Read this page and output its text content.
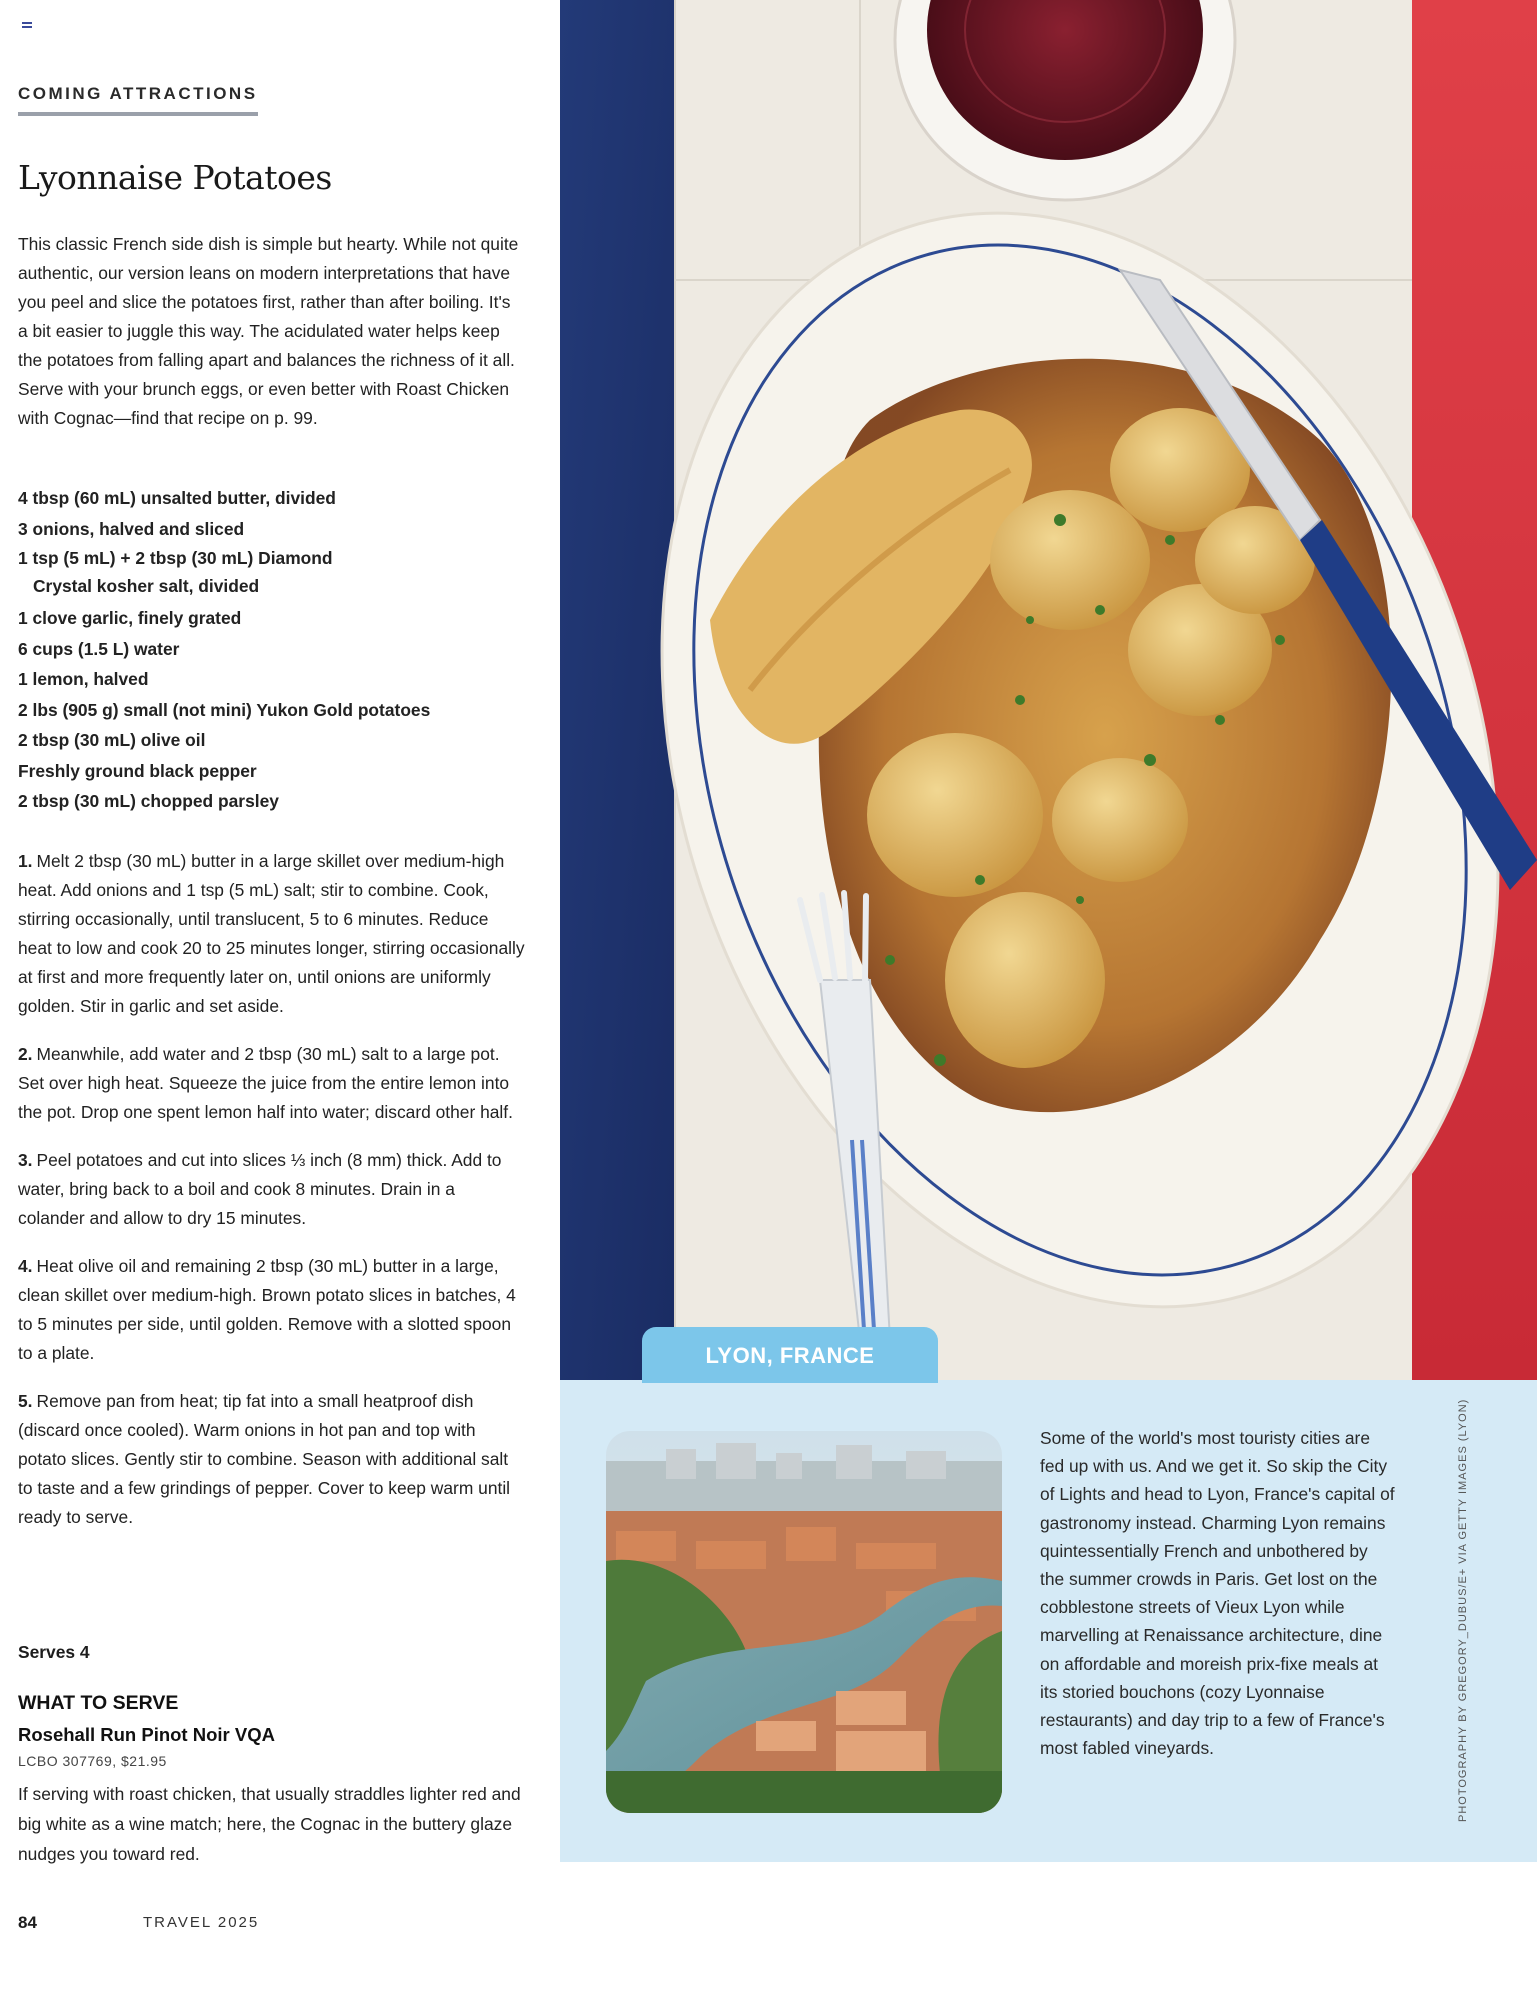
COMING ATTRACTIONS
Lyonnaise Potatoes

This classic French side dish is simple but hearty. While not quite authentic, our version leans on modern interpretations that have you peel and slice the potatoes first, rather than after boiling. It's a bit easier to juggle this way. The acidulated water helps keep the potatoes from falling apart and balances the richness of it all. Serve with your brunch eggs, or even better with Roast Chicken with Cognac—find that recipe on p. 99.

4 tbsp (60 mL) unsalted butter, divided
3 onions, halved and sliced
1 tsp (5 mL) + 2 tbsp (30 mL) Diamond Crystal kosher salt, divided
1 clove garlic, finely grated
6 cups (1.5 L) water
1 lemon, halved
2 lbs (905 g) small (not mini) Yukon Gold potatoes
2 tbsp (30 mL) olive oil
Freshly ground black pepper
2 tbsp (30 mL) chopped parsley

1. Melt 2 tbsp (30 mL) butter in a large skillet over medium-high heat. Add onions and 1 tsp (5 mL) salt; stir to combine. Cook, stirring occasionally, until translucent, 5 to 6 minutes. Reduce heat to low and cook 20 to 25 minutes longer, stirring occasionally at first and more frequently later on, until onions are uniformly golden. Stir in garlic and set aside.

2. Meanwhile, add water and 2 tbsp (30 mL) salt to a large pot. Set over high heat. Squeeze the juice from the entire lemon into the pot. Drop one spent lemon half into water; discard other half.

3. Peel potatoes and cut into slices ⅓ inch (8 mm) thick. Add to water, bring back to a boil and cook 8 minutes. Drain in a colander and allow to dry 15 minutes.

4. Heat olive oil and remaining 2 tbsp (30 mL) butter in a large, clean skillet over medium-high. Brown potato slices in batches, 4 to 5 minutes per side, until golden. Remove with a slotted spoon to a plate.

5. Remove pan from heat; tip fat into a small heatproof dish (discard once cooled). Warm onions in hot pan and top with potato slices. Gently stir to combine. Season with additional salt to taste and a few grindings of pepper. Cover to keep warm until ready to serve.

Serves 4

WHAT TO SERVE

Rosehall Run Pinot Noir VQA

LCBO 307769, $21.95

If serving with roast chicken, that usually straddles lighter red and big white as a wine match; here, the Cognac in the buttery glaze nudges you toward red.

84	TRAVEL 2025

LYON, FRANCE

Some of the world's most touristy cities are fed up with us. And we get it. So skip the City of Lights and head to Lyon, France's capital of gastronomy instead. Charming Lyon remains quintessentially French and unbothered by the summer crowds in Paris. Get lost on the cobblestone streets of Vieux Lyon while marvelling at Renaissance architecture, dine on affordable and moreish prix-fixe meals at its storied bouchons (cozy Lyonnaise restaurants) and day trip to a few of France's most fabled vineyards.	PHOTOGRAPHY BY GREGORY_DUBUS/E+ VIA GETTY IMAGES (LYON)
